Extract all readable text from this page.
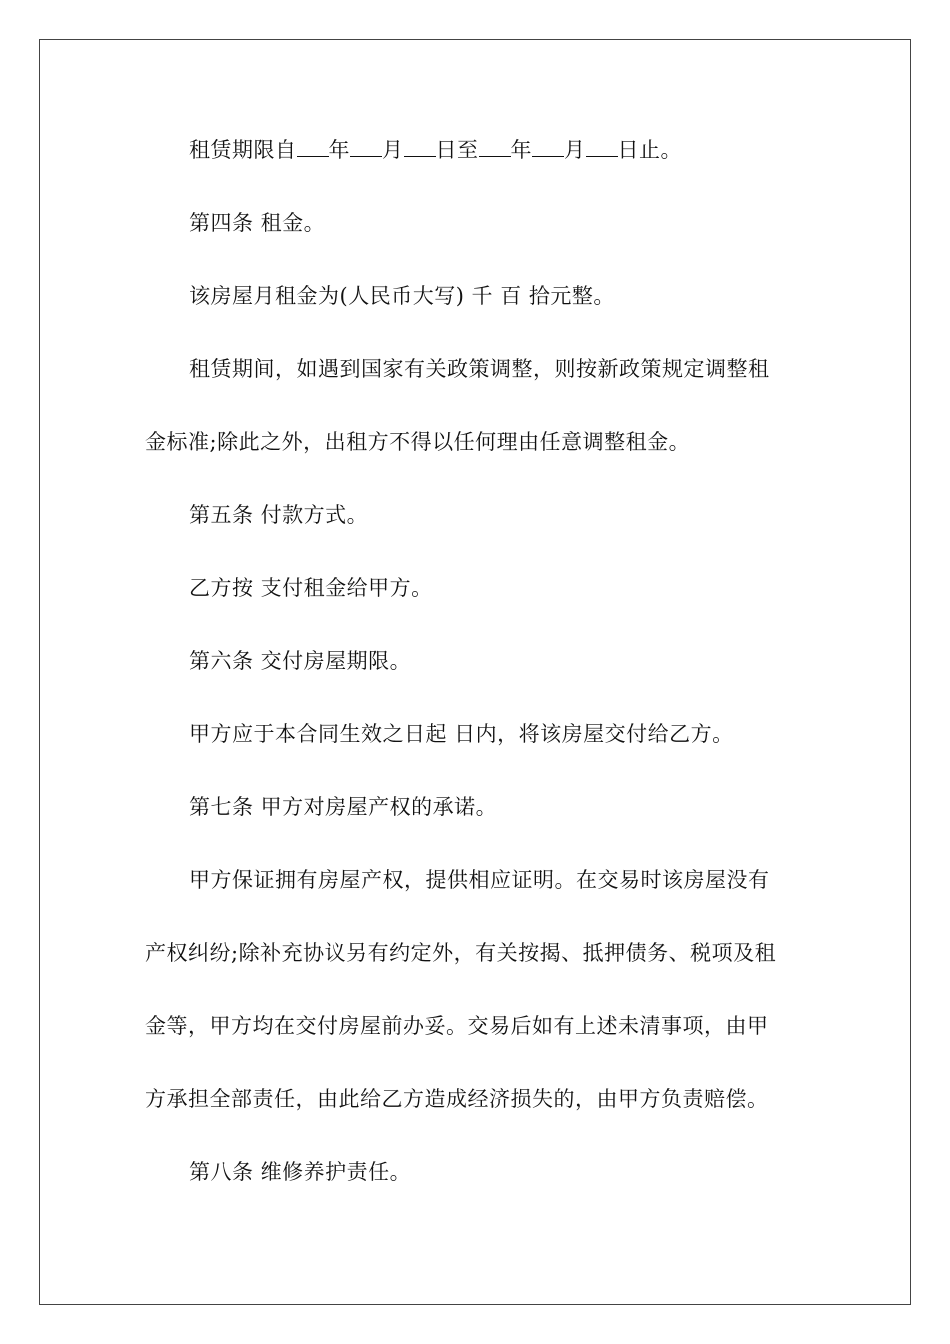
租赁期限自 年 月 日至 年 月 日止。
第四条 租金。
该房屋月租金为(人民币大写) 千 百 拾元整。
租赁期间，如遇到国家有关政策调整，则按新政策规定调整租
金标准;除此之外，出租方不得以任何理由任意调整租金。
第五条 付款方式。
乙方按 支付租金给甲方。
第六条 交付房屋期限。
甲方应于本合同生效之日起 日内，将该房屋交付给乙方。
第七条 甲方对房屋产权的承诺。
甲方保证拥有房屋产权，提供相应证明。在交易时该房屋没有
产权纠纷;除补充协议另有约定外，有关按揭、抵押债务、税项及租
金等，甲方均在交付房屋前办妥。交易后如有上述未清事项，由甲
方承担全部责任，由此给乙方造成经济损失的，由甲方负责赔偿。
第八条 维修养护责任。
